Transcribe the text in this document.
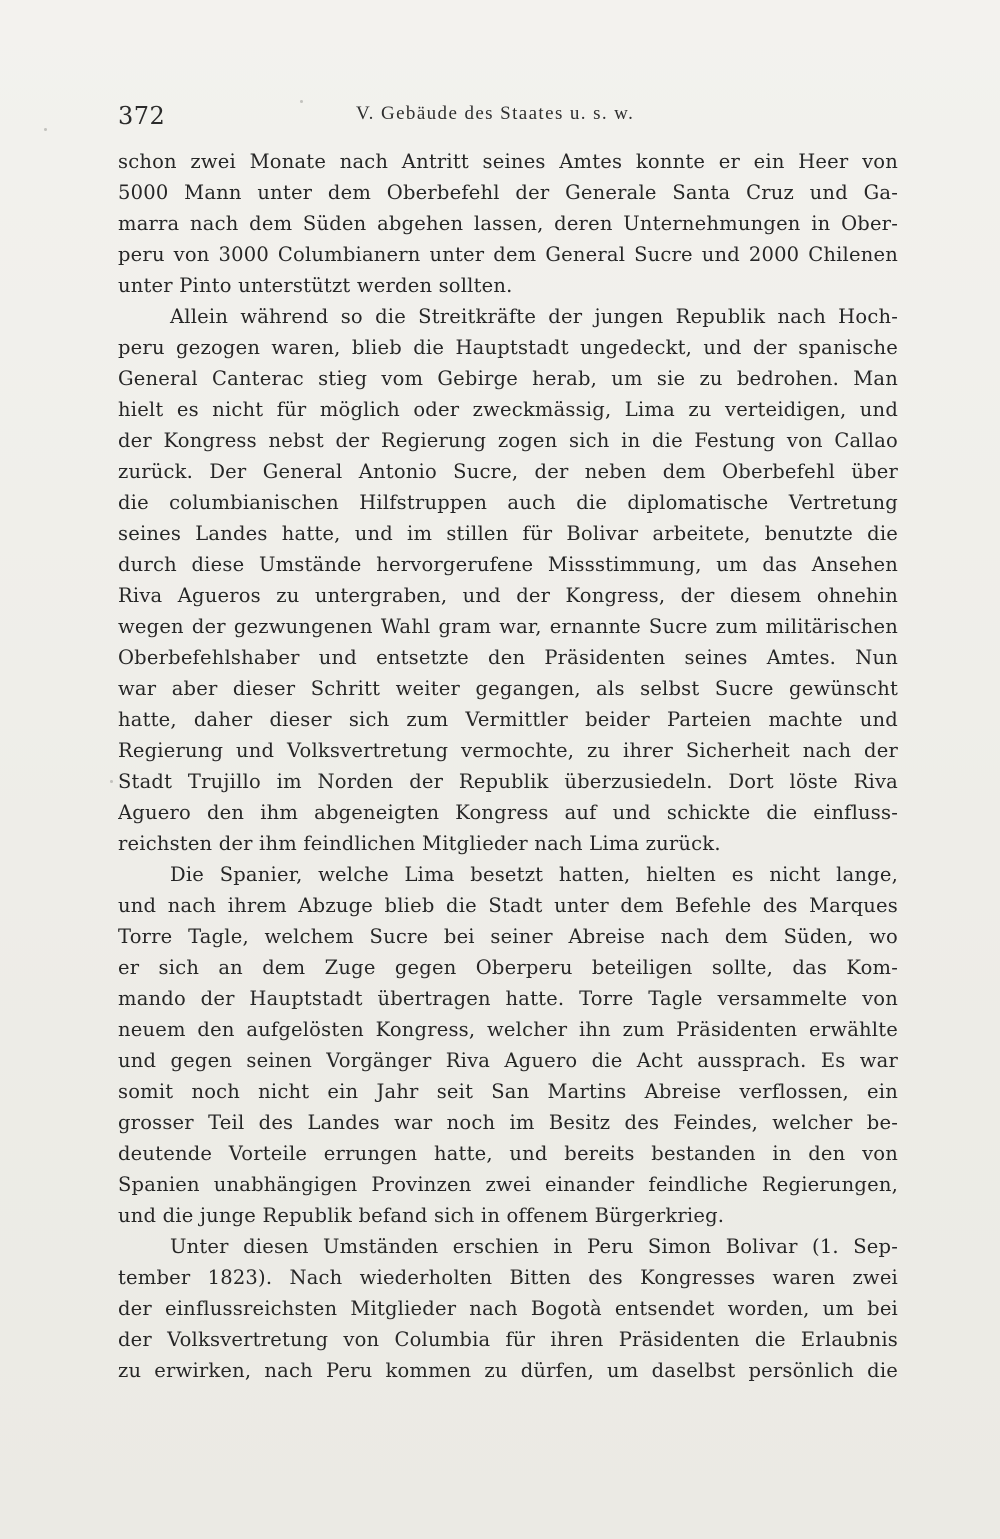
372	V. Gebäude des Staates u. s. w.
schon zwei Monate nach Antritt seines Amtes konnte er ein Heer von
5000 Mann unter dem Oberbefehl der Generale Santa Cruz und Ga-
marra nach dem Süden abgehen lassen, deren Unternehmungen in Ober-
peru von 3000 Columbianern unter dem General Sucre und 2000 Chilenen
unter Pinto unterstützt werden sollten.
Allein während so die Streitkräfte der jungen Republik nach Hoch-
peru gezogen waren, blieb die Hauptstadt ungedeckt, und der spanische
General Canterac stieg vom Gebirge herab, um sie zu bedrohen. Man
hielt es nicht für möglich oder zweckmässig, Lima zu verteidigen, und
der Kongress nebst der Regierung zogen sich in die Festung von Callao
zurück. Der General Antonio Sucre, der neben dem Oberbefehl über
die columbianischen Hilfstruppen auch die diplomatische Vertretung
seines Landes hatte, und im stillen für Bolivar arbeitete, benutzte die
durch diese Umstände hervorgerufene Missstimmung, um das Ansehen
Riva Agueros zu untergraben, und der Kongress, der diesem ohnehin
wegen der gezwungenen Wahl gram war, ernannte Sucre zum militärischen
Oberbefehlshaber und entsetzte den Präsidenten seines Amtes. Nun
war aber dieser Schritt weiter gegangen, als selbst Sucre gewünscht
hatte, daher dieser sich zum Vermittler beider Parteien machte und
Regierung und Volksvertretung vermochte, zu ihrer Sicherheit nach der
Stadt Trujillo im Norden der Republik überzusiedeln. Dort löste Riva
Aguero den ihm abgeneigten Kongress auf und schickte die einfluss-
reichsten der ihm feindlichen Mitglieder nach Lima zurück.
Die Spanier, welche Lima besetzt hatten, hielten es nicht lange,
und nach ihrem Abzuge blieb die Stadt unter dem Befehle des Marques
Torre Tagle, welchem Sucre bei seiner Abreise nach dem Süden, wo
er sich an dem Zuge gegen Oberperu beteiligen sollte, das Kom-
mando der Hauptstadt übertragen hatte. Torre Tagle versammelte von
neuem den aufgelösten Kongress, welcher ihn zum Präsidenten erwählte
und gegen seinen Vorgänger Riva Aguero die Acht aussprach. Es war
somit noch nicht ein Jahr seit San Martins Abreise verflossen, ein
grosser Teil des Landes war noch im Besitz des Feindes, welcher be-
deutende Vorteile errungen hatte, und bereits bestanden in den von
Spanien unabhängigen Provinzen zwei einander feindliche Regierungen,
und die junge Republik befand sich in offenem Bürgerkrieg.
Unter diesen Umständen erschien in Peru Simon Bolivar (1. Sep-
tember 1823). Nach wiederholten Bitten des Kongresses waren zwei
der einflussreichsten Mitglieder nach Bogotà entsendet worden, um bei
der Volksvertretung von Columbia für ihren Präsidenten die Erlaubnis
zu erwirken, nach Peru kommen zu dürfen, um daselbst persönlich die
